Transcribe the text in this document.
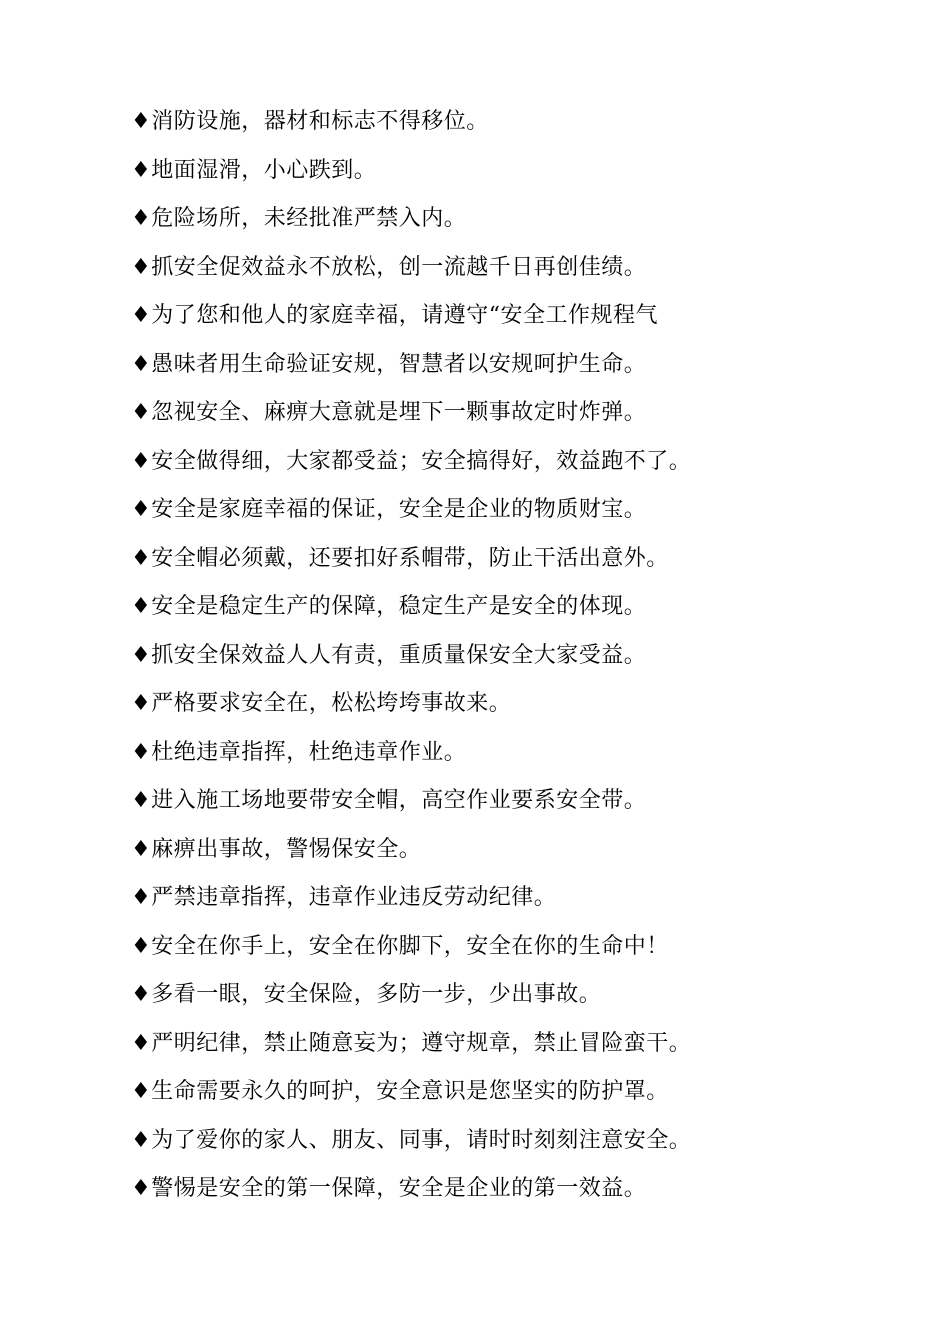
♦消防设施，器材和标志不得移位。
♦地面湿滑，小心跌到。
♦危险场所，未经批准严禁入内。
♦抓安全促效益永不放松，创一流越千日再创佳绩。
♦为了您和他人的家庭幸福，请遵守“安全工作规程气
♦愚味者用生命验证安规，智慧者以安规呵护生命。
♦忽视安全、麻痹大意就是埋下一颗事故定时炸弹。
♦安全做得细，大家都受益；安全搞得好，效益跑不了。
♦安全是家庭幸福的保证，安全是企业的物质财宝。
♦安全帽必须戴，还要扣好系帽带，防止干活出意外。
♦安全是稳定生产的保障，稳定生产是安全的体现。
♦抓安全保效益人人有责，重质量保安全大家受益。
♦严格要求安全在，松松垮垮事故来。
♦杜绝违章指挥，杜绝违章作业。
♦进入施工场地要带安全帽，高空作业要系安全带。
♦麻痹出事故，警惕保安全。
♦严禁违章指挥，违章作业违反劳动纪律。
♦安全在你手上，安全在你脚下，安全在你的生命中！
♦多看一眼，安全保险，多防一步，少出事故。
♦严明纪律，禁止随意妄为；遵守规章，禁止冒险蛮干。
♦生命需要永久的呵护，安全意识是您坚实的防护罩。
♦为了爱你的家人、朋友、同事，请时时刻刻注意安全。
♦警惕是安全的第一保障，安全是企业的第一效益。
